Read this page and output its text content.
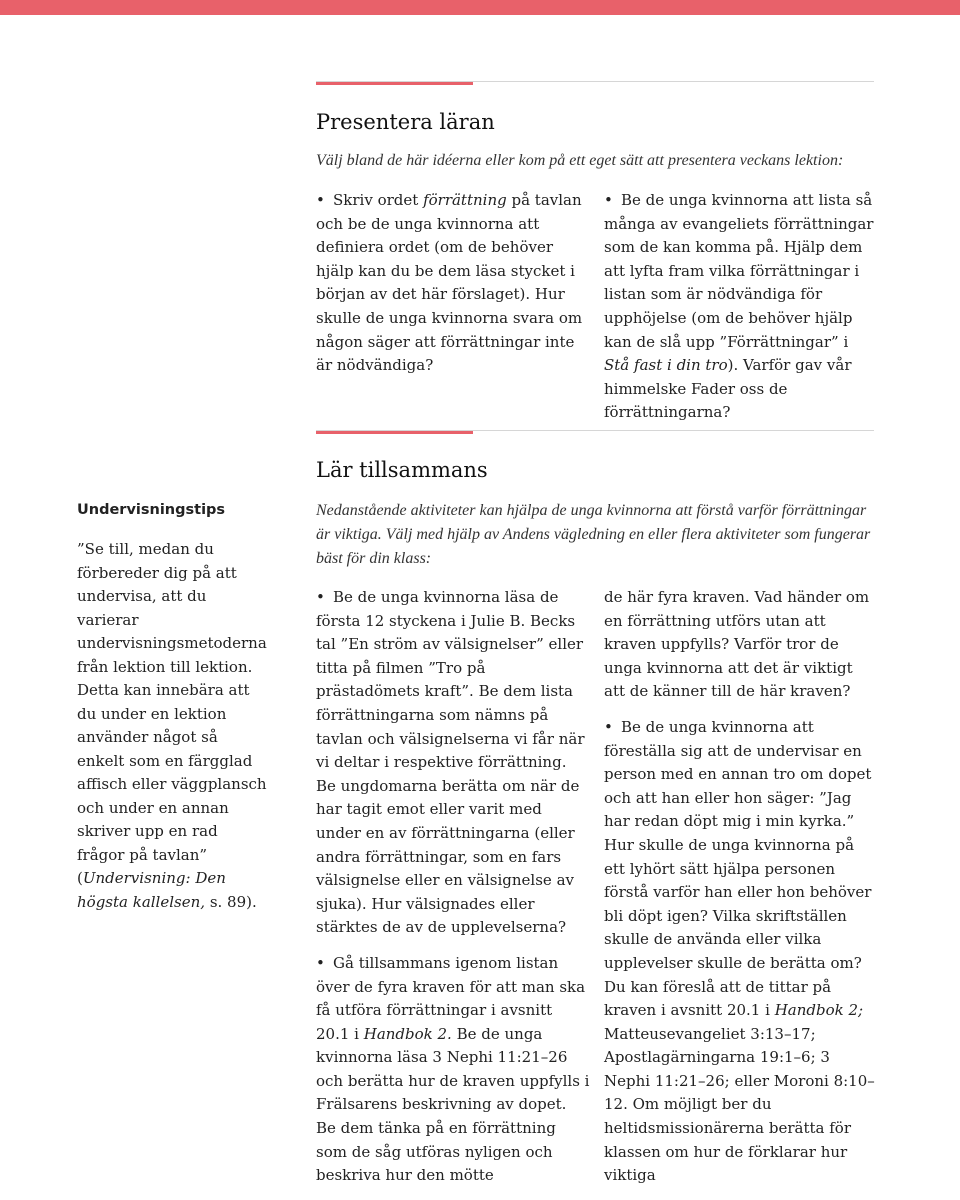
Presentera läran

Välj bland de här idéerna eller kom på ett eget sätt att presentera veckans lektion:

• Skriv ordet förrättning på tavlan och be de unga kvinnorna att definiera ordet (om de behöver hjälp kan du be dem läsa stycket i början av det här förslaget). Hur skulle de unga kvinnorna svara om någon säger att förrättningar inte är nödvändiga?

• Be de unga kvinnorna att lista så många av evangeliets förrättningar som de kan komma på. Hjälp dem att lyfta fram vilka förrättningar i listan som är nödvändiga för upphöjelse (om de behöver hjälp kan de slå upp ”Förrättningar” i Stå fast i din tro). Varför gav vår himmelske Fader oss de förrättningarna?

Lär tillsammans
Undervisningstips

”Se till, medan du förbereder dig på att undervisa, att du varierar undervisningsmetoderna från lektion till lektion. Detta kan innebära att du under en lektion använder något så enkelt som en färgglad affisch eller väggplansch och under en annan skriver upp en rad frågor på tavlan” (Undervisning: Den högsta kallelsen, s. 89).

Nedanstående aktiviteter kan hjälpa de unga kvinnorna att förstå varför förrättningar är viktiga. Välj med hjälp av Andens vägledning en eller flera aktiviteter som fungerar bäst för din klass:

• Be de unga kvinnorna läsa de första 12 styckena i Julie B. Becks tal ”En ström av välsignelser” eller titta på filmen ”Tro på prästadömets kraft”. Be dem lista förrättningarna som nämns på tavlan och välsignelserna vi får när vi deltar i respektive förrättning. Be ungdomarna berätta om när de har tagit emot eller varit med under en av förrättningarna (eller andra förrättningar, som en fars välsignelse eller en välsignelse av sjuka). Hur välsignades eller stärktes de av de upplevelserna?

• Gå tillsammans igenom listan över de fyra kraven för att man ska få utföra förrättningar i avsnitt 20.1 i Handbok 2. Be de unga kvinnorna läsa 3 Nephi 11:21–26 och berätta hur de kraven uppfylls i Frälsarens beskrivning av dopet. Be dem tänka på en förrättning som de såg utföras nyligen och beskriva hur den mötte

de här fyra kraven. Vad händer om en förrättning utförs utan att kraven uppfylls? Varför tror de unga kvinnorna att det är viktigt att de känner till de här kraven?

• Be de unga kvinnorna att föreställa sig att de undervisar en person med en annan tro om dopet och att han eller hon säger: ”Jag har redan döpt mig i min kyrka.” Hur skulle de unga kvinnorna på ett lyhört sätt hjälpa personen förstå varför han eller hon behöver bli döpt igen? Vilka skriftställen skulle de använda eller vilka upplevelser skulle de berätta om? Du kan föreslå att de tittar på kraven i avsnitt 20.1 i Handbok 2; Matteusevangeliet 3:13–17; Apostlagärningarna 19:1–6; 3 Nephi 11:21–26; eller Moroni 8:10–12. Om möjligt ber du heltidsmissionärerna berätta för klassen om hur de förklarar hur viktiga
